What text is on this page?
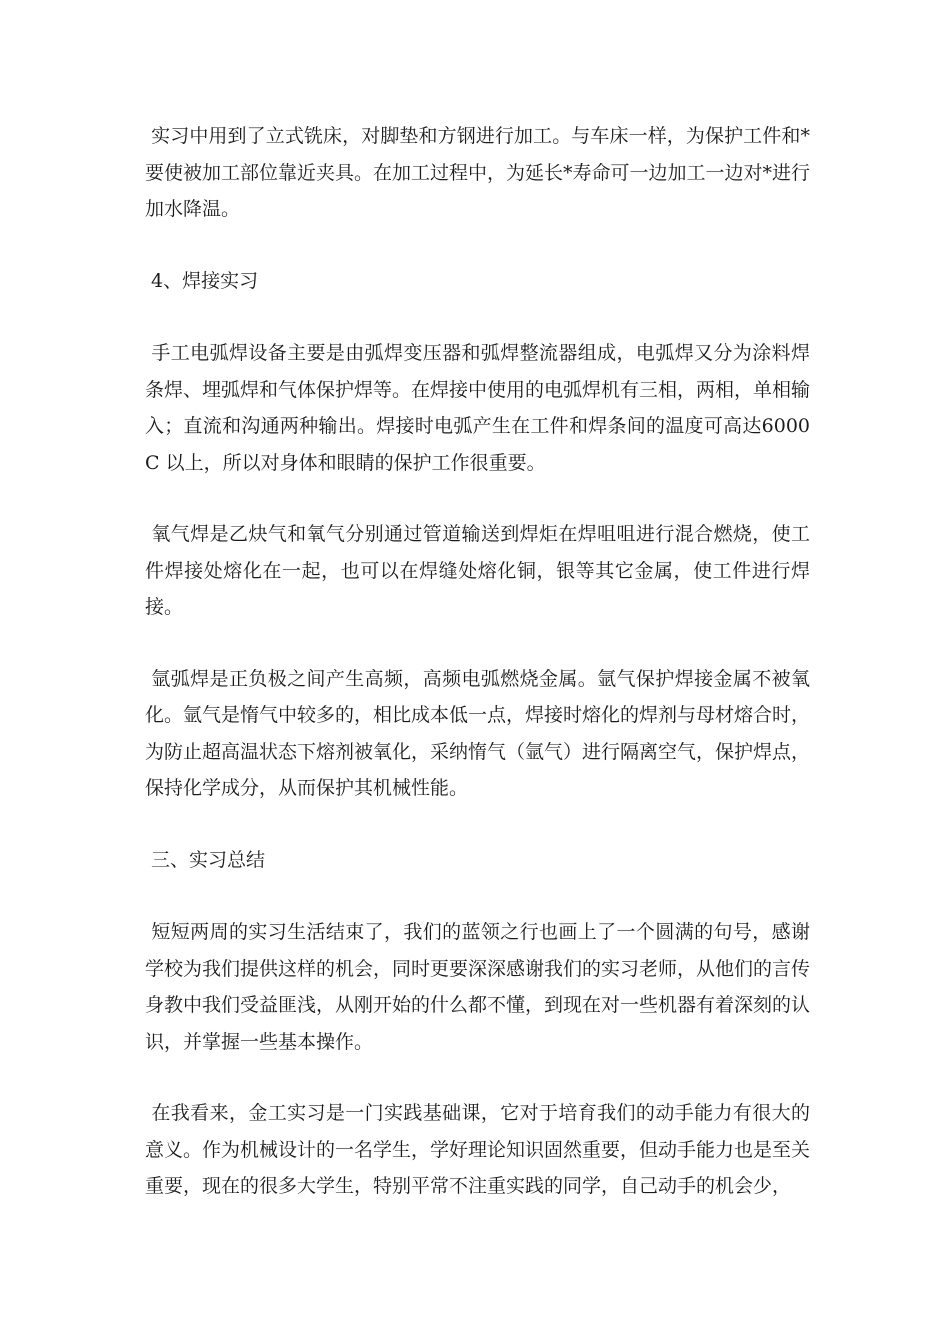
实习中用到了立式铣床，对脚垫和方钢进行加工。与车床一样，为保护工件和*要使被加工部位靠近夹具。在加工过程中，为延长*寿命可一边加工一边对*进行加水降温。

4、焊接实习

手工电弧焊设备主要是由弧焊变压器和弧焊整流器组成，电弧焊又分为涂料焊条焊、埋弧焊和气体保护焊等。在焊接中使用的电弧焊机有三相，两相，单相输入；直流和沟通两种输出。焊接时电弧产生在工件和焊条间的温度可高达6000C 以上，所以对身体和眼睛的保护工作很重要。

氧气焊是乙炔气和氧气分别通过管道输送到焊炬在焊咀咀进行混合燃烧，使工件焊接处熔化在一起，也可以在焊缝处熔化铜，银等其它金属，使工件进行焊接。

氩弧焊是正负极之间产生高频，高频电弧燃烧金属。氩气保护焊接金属不被氧化。氩气是惰气中较多的，相比成本低一点，焊接时熔化的焊剂与母材熔合时，为防止超高温状态下熔剂被氧化，采纳惰气（氩气）进行隔离空气，保护焊点，保持化学成分，从而保护其机械性能。

三、实习总结

短短两周的实习生活结束了，我们的蓝领之行也画上了一个圆满的句号，感谢学校为我们提供这样的机会，同时更要深深感谢我们的实习老师，从他们的言传身教中我们受益匪浅，从刚开始的什么都不懂，到现在对一些机器有着深刻的认识，并掌握一些基本操作。

在我看来，金工实习是一门实践基础课，它对于培育我们的动手能力有很大的意义。作为机械设计的一名学生，学好理论知识固然重要，但动手能力也是至关重要，现在的很多大学生，特别平常不注重实践的同学，自己动手的机会少，
